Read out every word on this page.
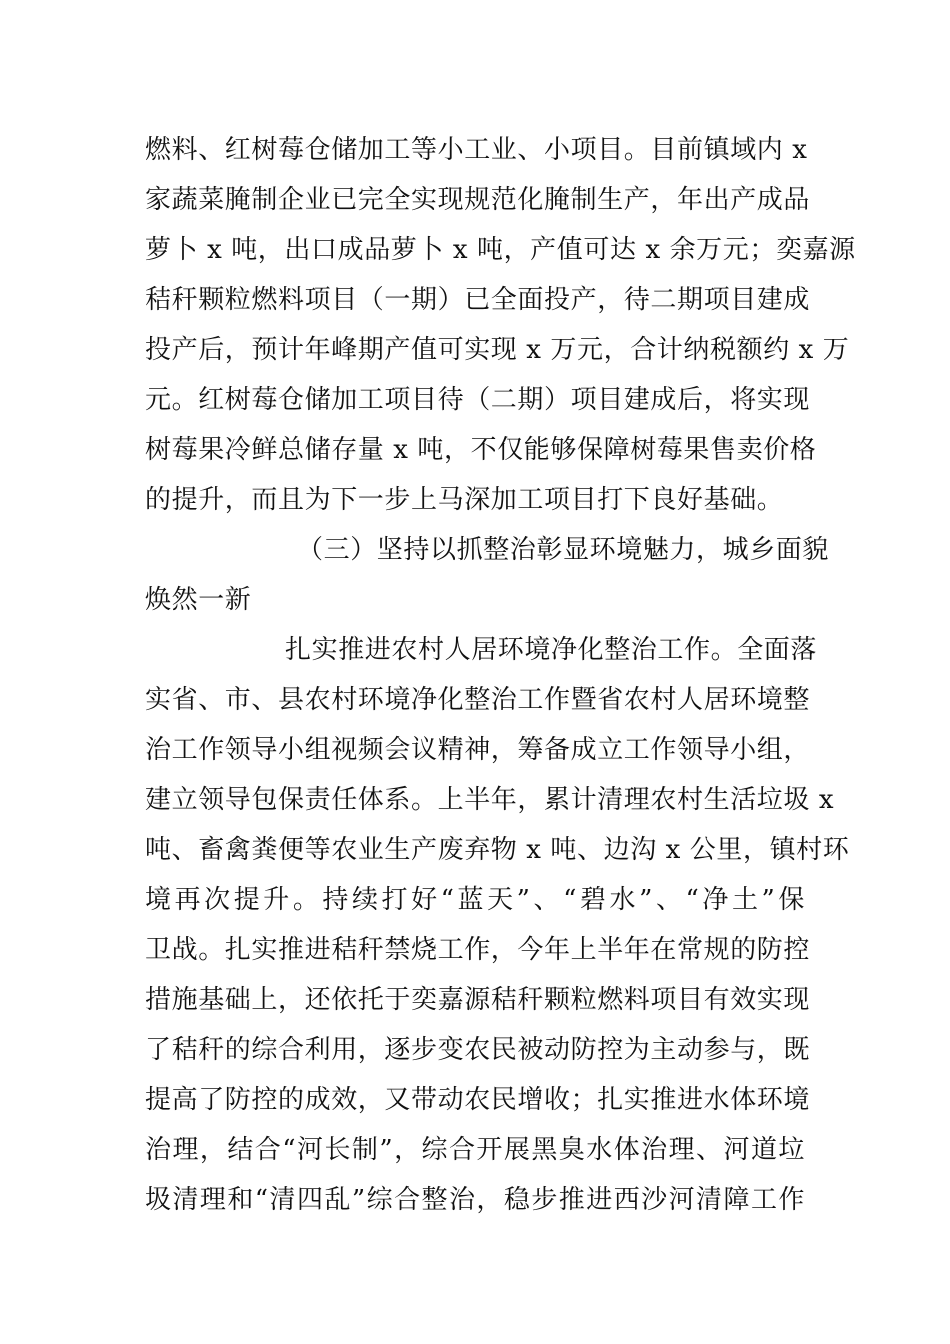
燃料、红树莓仓储加工等小工业、小项目。目前镇域内 x
家蔬菜腌制企业已完全实现规范化腌制生产，年出产成品
萝卜 x 吨，出口成品萝卜 x 吨，产值可达 x 余万元；奕嘉源
秸秆颗粒燃料项目（一期）已全面投产，待二期项目建成
投产后，预计年峰期产值可实现 x 万元，合计纳税额约 x 万
元。红树莓仓储加工项目待（二期）项目建成后，将实现
树莓果冷鲜总储存量 x 吨，不仅能够保障树莓果售卖价格
的提升，而且为下一步上马深加工项目打下良好基础。
（三）坚持以抓整治彰显环境魅力，城乡面貌
焕然一新
扎实推进农村人居环境净化整治工作。全面落
实省、市、县农村环境净化整治工作暨省农村人居环境整
治工作领导小组视频会议精神，筹备成立工作领导小组，
建立领导包保责任体系。上半年，累计清理农村生活垃圾 x
吨、畜禽粪便等农业生产废弃物 x 吨、边沟 x 公里，镇村环
境再次提升。持续打好“蓝天”、“碧水”、“净土”保
卫战。扎实推进秸秆禁烧工作，今年上半年在常规的防控
措施基础上，还依托于奕嘉源秸秆颗粒燃料项目有效实现
了秸秆的综合利用，逐步变农民被动防控为主动参与，既
提高了防控的成效，又带动农民增收；扎实推进水体环境
治理，结合“河长制”，综合开展黑臭水体治理、河道垃
圾清理和“清四乱”综合整治，稳步推进西沙河清障工作
